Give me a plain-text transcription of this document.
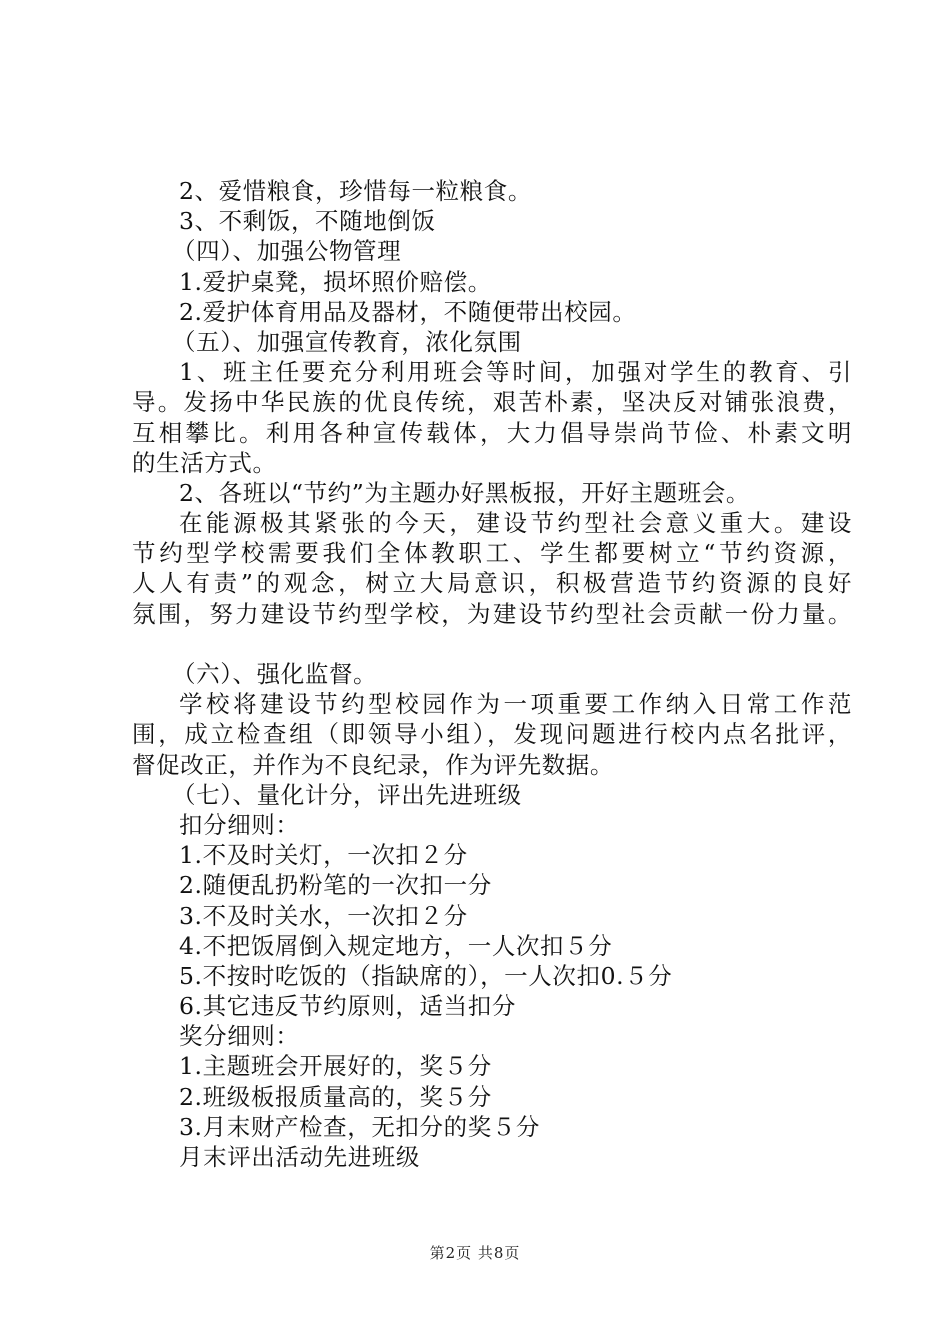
2、爱惜粮食，珍惜每一粒粮食。
3、不剩饭，不随地倒饭
（四）、加强公物管理
1.爱护桌凳，损坏照价赔偿。
2.爱护体育用品及器材，不随便带出校园。
（五）、加强宣传教育，浓化氛围
1、班主任要充分利用班会等时间，加强对学生的教育、引
导。发扬中华民族的优良传统，艰苦朴素，坚决反对铺张浪费，
互相攀比。利用各种宣传载体，大力倡导崇尚节俭、朴素文明
的生活方式。
2、各班以“节约”为主题办好黑板报，开好主题班会。
在能源极其紧张的今天，建设节约型社会意义重大。建设
节约型学校需要我们全体教职工、学生都要树立“节约资源，
人人有责”的观念，树立大局意识，积极营造节约资源的良好
氛围，努力建设节约型学校，为建设节约型社会贡献一份力量。
（六）、强化监督。
学校将建设节约型校园作为一项重要工作纳入日常工作范
围，成立检查组（即领导小组），发现问题进行校内点名批评，
督促改正，并作为不良纪录，作为评先数据。
（七）、量化计分，评出先进班级
扣分细则：
1.不及时关灯，一次扣２分
2.随便乱扔粉笔的一次扣一分
3.不及时关水，一次扣２分
4.不把饭屑倒入规定地方，一人次扣５分
5.不按时吃饭的（指缺席的），一人次扣0.５分
6.其它违反节约原则，适当扣分
奖分细则：
1.主题班会开展好的，奖５分
2.班级板报质量高的，奖５分
3.月末财产检查，无扣分的奖５分
月末评出活动先进班级
第2页 共8页
